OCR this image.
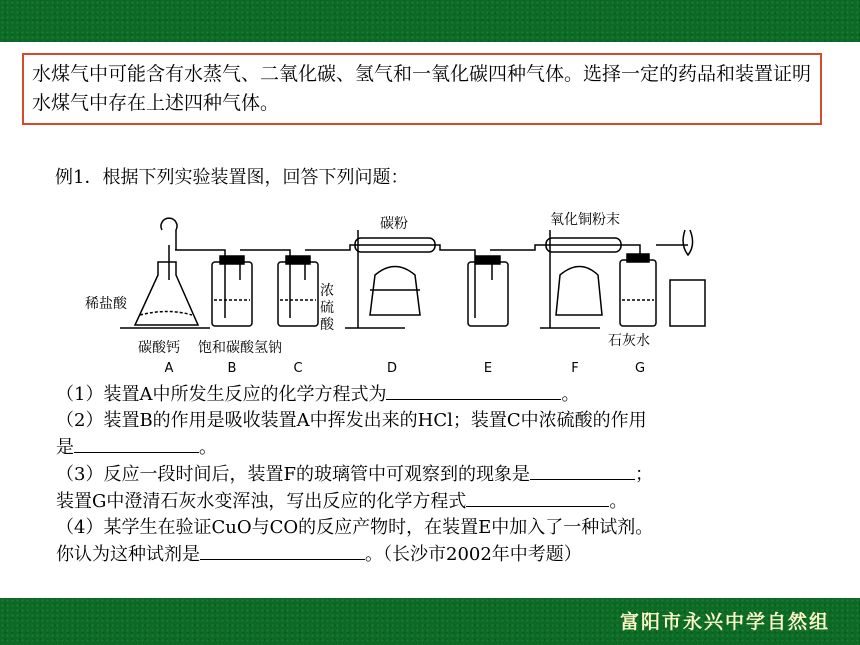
水煤气中可能含有水蒸气、二氧化碳、氢气和一氧化碳四种气体。选择一定的药品和装置证明水煤气中存在上述四种气体。
例1．根据下列实验装置图，回答下列问题：
稀盐酸
碳酸钙 饱和碳酸氢钠
浓
硫
酸
碳粉	氧化铜粉末
石灰水
A	B	C	D	E	F	G
（1）装置A中所发生反应的化学方程式为	。
（2）装置B的作用是吸收装置A中挥发出来的HCl；装置C中浓硫酸的作用
是	。
（3）反应一段时间后，装置F的玻璃管中可观察到的现象是	；
装置G中澄清石灰水变浑浊，写出反应的化学方程式	。
（4）某学生在验证CuO与CO的反应产物时，在装置E中加入了一种试剂。
你认为这种试剂是	。（长沙市2002年中考题）
富阳市永兴中学自然组
